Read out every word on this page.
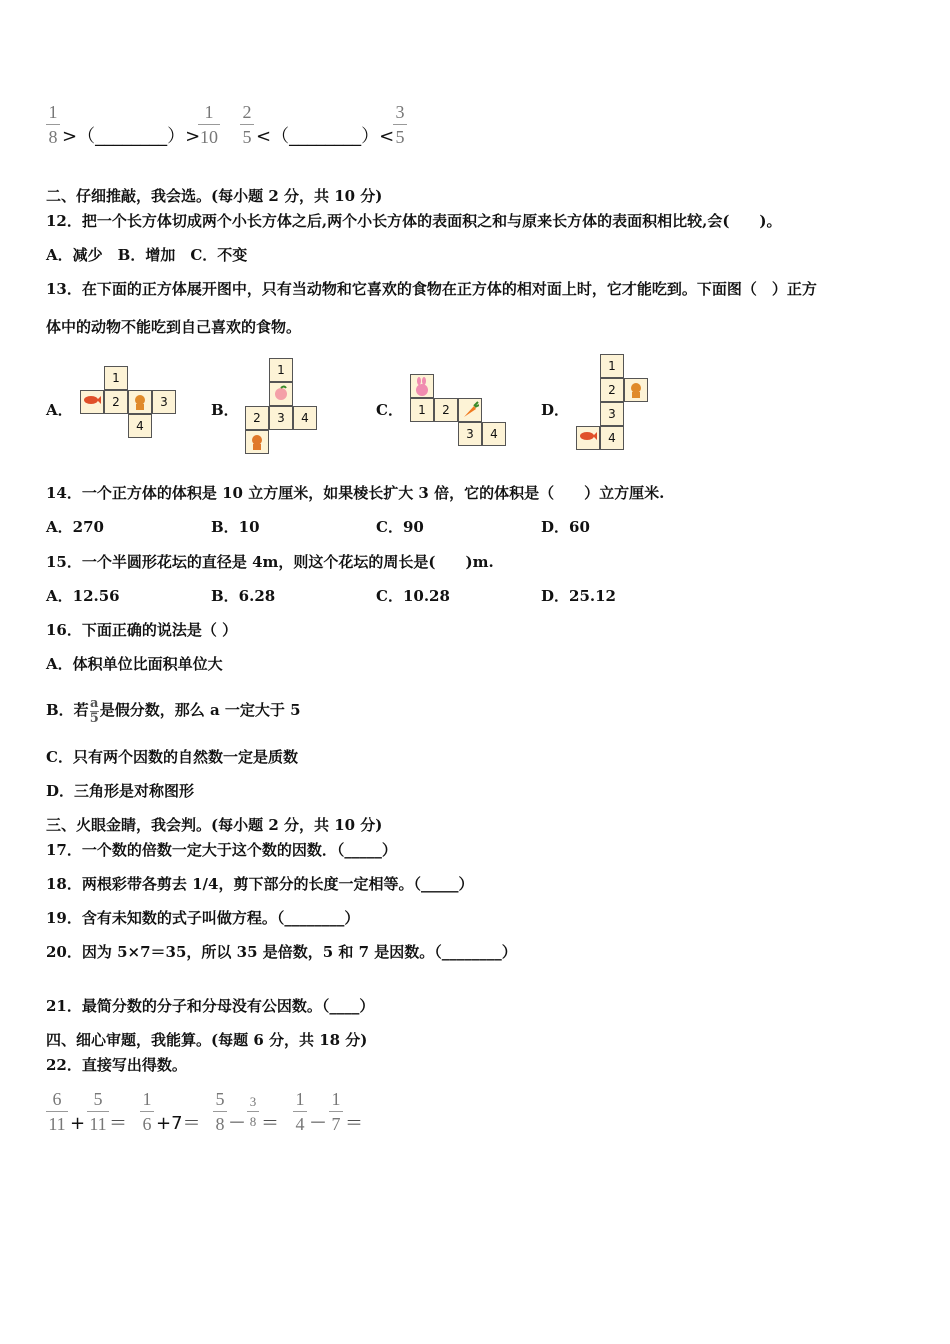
1
8 >（________）>
1
10
2
5 <（________）<
3
5
二、仔细推敲，我会选。(每小题 2 分，共 10 分)
12．把一个长方体切成两个小长方体之后,两个小长方体的表面积之和与原来长方体的表面积相比较,会(　　)。
A．减少　B．增加　C．不变
13．在下面的正方体展开图中，只有当动物和它喜欢的食物在正方体的相对面上时，它才能吃到。下面图（　）正方
体中的动物不能吃到自己喜欢的食物。
A．
1
2	3
4
B．
1
2	3	4	C．	1	2
3	4
D．
1
2
3
4
14．一个正方体的体积是 10 立方厘米，如果棱长扩大 3 倍，它的体积是（　　）立方厘米.
A．270	B．10	C．90	D．60
15．一个半圆形花坛的直径是 4m，则这个花坛的周长是(　　)m.
A．12.56	B．6.28	C．10.28	D．25.12
16．下面正确的说法是（ ）
A．体积单位比面积单位大
B．若$\frac{a}{5}$是假分数，那么 a 一定大于 5
C．只有两个因数的自然数一定是质数
D．三角形是对称图形
三、火眼金睛，我会判。(每小题 2 分，共 10 分)
17．一个数的倍数一定大于这个数的因数．（_____）
18．两根彩带各剪去 1/4，剪下部分的长度一定相等。（_____）
19．含有未知数的式子叫做方程。（________）
20．因为 5×7＝35，所以 35 是倍数，5 和 7 是因数。（________）
21．最简分数的分子和分母没有公因数。（____）
四、细心审题，我能算。(每题 6 分，共 18 分)
22．直接写出得数。
6
11 +
5
11 ＝
1
6 +7＝
5
8 －
3
8 ＝
1
4 －
1
7 ＝
